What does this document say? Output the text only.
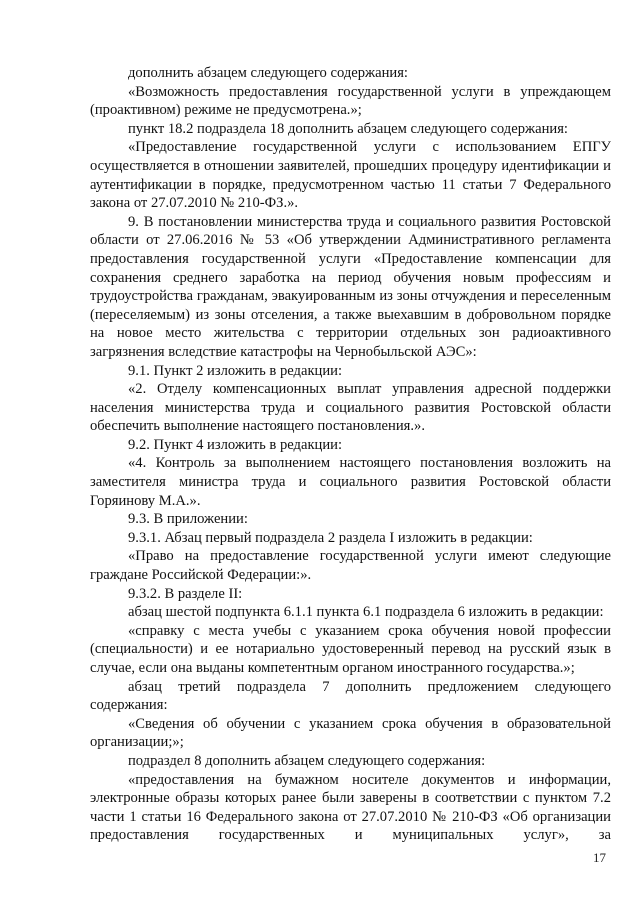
дополнить абзацем следующего содержания:

«Возможность предоставления государственной услуги в упреждающем (проактивном) режиме не предусмотрена.»;

пункт 18.2 подраздела 18 дополнить абзацем следующего содержания:

«Предоставление государственной услуги с использованием ЕПГУ осуществляется в отношении заявителей, прошедших процедуру идентификации и аутентификации в порядке, предусмотренном частью 11 статьи 7 Федерального закона от 27.07.2010 № 210-ФЗ.».

9. В постановлении министерства труда и социального развития Ростовской области от 27.06.2016 № 53 «Об утверждении Административного регламента предоставления государственной услуги «Предоставление компенсации для сохранения среднего заработка на период обучения новым профессиям и трудоустройства гражданам, эвакуированным из зоны отчуждения и переселенным (переселяемым) из зоны отселения, а также выехавшим в добровольном порядке на новое место жительства с территории отдельных зон радиоактивного загрязнения вследствие катастрофы на Чернобыльской АЭС»:

9.1. Пункт 2 изложить в редакции:

«2. Отделу компенсационных выплат управления адресной поддержки населения министерства труда и социального развития Ростовской области обеспечить выполнение настоящего постановления.».

9.2. Пункт 4 изложить в редакции:

«4. Контроль за выполнением настоящего постановления возложить на заместителя министра труда и социального развития Ростовской области Горяинову М.А.».

9.3. В приложении:

9.3.1. Абзац первый подраздела 2 раздела I изложить в редакции:

«Право на предоставление государственной услуги имеют следующие граждане Российской Федерации:».

9.3.2. В разделе II:

абзац шестой подпункта 6.1.1 пункта 6.1 подраздела 6 изложить в редакции:

«справку с места учебы с указанием срока обучения новой профессии (специальности) и ее нотариально удостоверенный перевод на русский язык в случае, если она выданы компетентным органом иностранного государства.»;

абзац третий подраздела 7 дополнить предложением следующего содержания:

«Сведения об обучении с указанием срока обучения в образовательной организации;»;

подраздел 8 дополнить абзацем следующего содержания:

«предоставления на бумажном носителе документов и информации, электронные образы которых ранее были заверены в соответствии с пунктом 7.2 части 1 статьи 16 Федерального закона от 27.07.2010 № 210-ФЗ «Об организации предоставления государственных и муниципальных услуг», за

17
